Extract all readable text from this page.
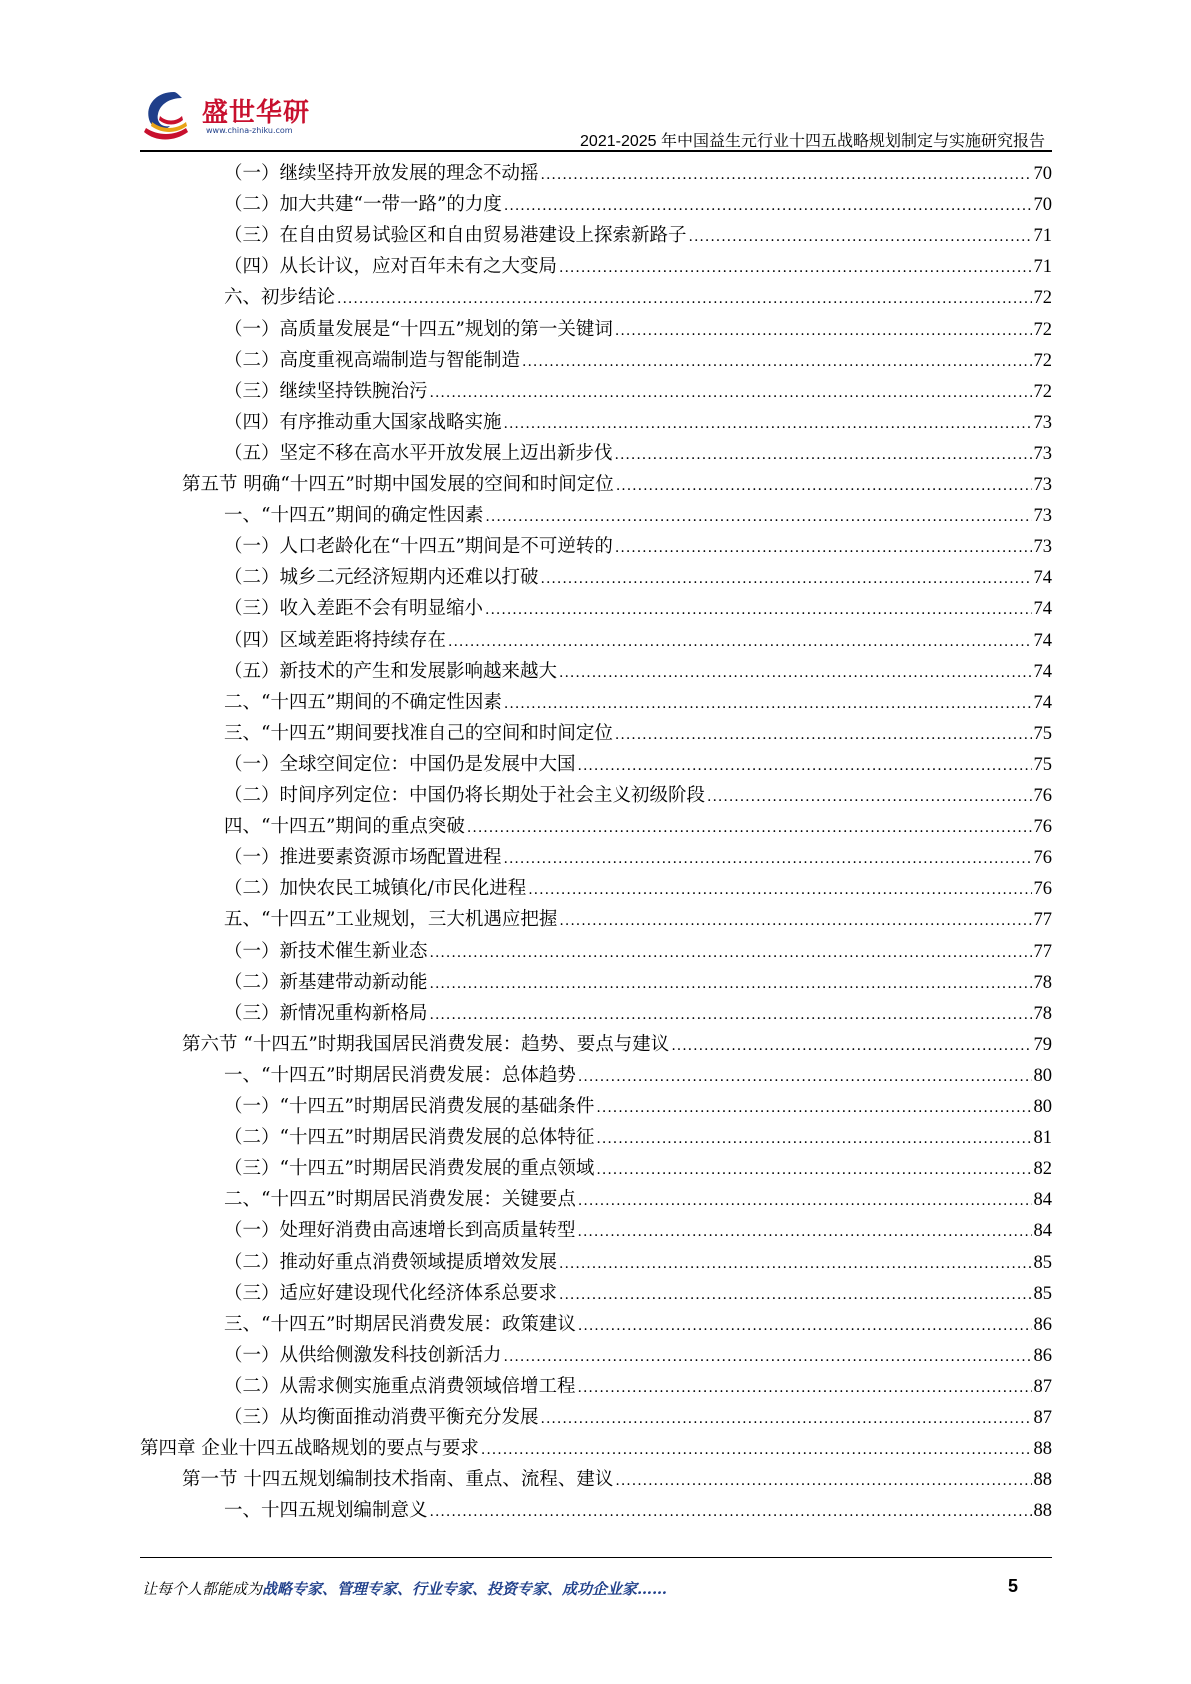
盛世华研
www.china-zhiku.com
2021-2025 年中国益生元行业十四五战略规划制定与实施研究报告
（一）继续坚持开放发展的理念不动摇 .....	70
（二）加大共建“一带一路”的力度 .....	70
（三）在自由贸易试验区和自由贸易港建设上探索新路子 .....	71
（四）从长计议，应对百年未有之大变局 .....	71
六、初步结论 .....	72
（一）高质量发展是“十四五”规划的第一关键词 .....	72
（二）高度重视高端制造与智能制造 .....	72
（三）继续坚持铁腕治污 .....	72
（四）有序推动重大国家战略实施 .....	73
（五）坚定不移在高水平开放发展上迈出新步伐 .....	73
第五节 明确“十四五”时期中国发展的空间和时间定位 .....	73
一、“十四五”期间的确定性因素 .....	73
（一）人口老龄化在“十四五”期间是不可逆转的 .....	73
（二）城乡二元经济短期内还难以打破 .....	74
（三）收入差距不会有明显缩小 .....	74
（四）区域差距将持续存在 .....	74
（五）新技术的产生和发展影响越来越大 .....	74
二、“十四五”期间的不确定性因素 .....	74
三、“十四五”期间要找准自己的空间和时间定位 .....	75
（一）全球空间定位：中国仍是发展中大国 .....	75
（二）时间序列定位：中国仍将长期处于社会主义初级阶段 .....	76
四、“十四五”期间的重点突破 .....	76
（一）推进要素资源市场配置进程 .....	76
（二）加快农民工城镇化/市民化进程 .....	76
五、“十四五”工业规划，三大机遇应把握 .....	77
（一）新技术催生新业态 .....	77
（二）新基建带动新动能 .....	78
（三）新情况重构新格局 .....	78
第六节 “十四五”时期我国居民消费发展：趋势、要点与建议 .....	79
一、“十四五”时期居民消费发展：总体趋势 .....	80
（一）“十四五”时期居民消费发展的基础条件 .....	80
（二）“十四五”时期居民消费发展的总体特征 .....	81
（三）“十四五”时期居民消费发展的重点领域 .....	82
二、“十四五”时期居民消费发展：关键要点 .....	84
（一）处理好消费由高速增长到高质量转型 .....	84
（二）推动好重点消费领域提质增效发展 .....	85
（三）适应好建设现代化经济体系总要求 .....	85
三、“十四五”时期居民消费发展：政策建议 .....	86
（一）从供给侧激发科技创新活力 .....	86
（二）从需求侧实施重点消费领域倍增工程 .....	87
（三）从均衡面推动消费平衡充分发展 .....	87
第四章 企业十四五战略规划的要点与要求 .....	88
第一节 十四五规划编制技术指南、重点、流程、建议 .....	88
一、十四五规划编制意义 .....	88
让每个人都能成为战略专家、管理专家、行业专家、投资专家、成功企业家……	5
